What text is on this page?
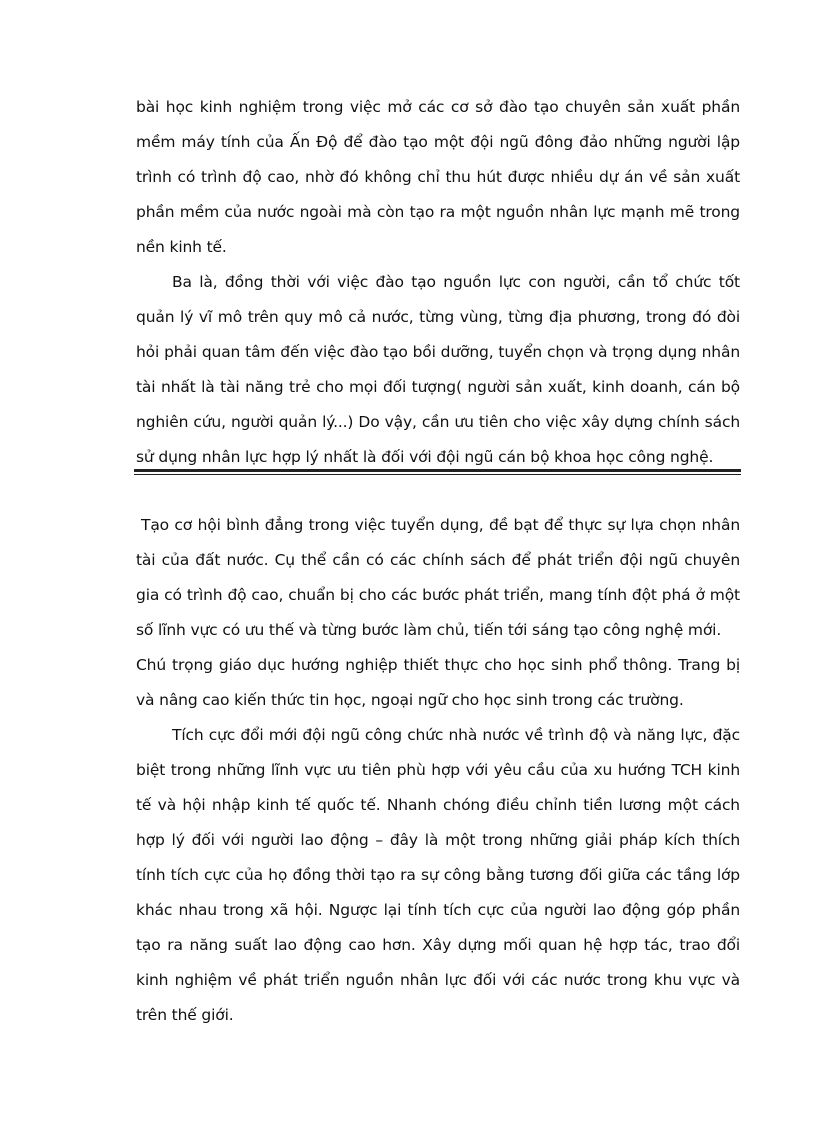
bài học kinh nghiệm trong việc mở các cơ sở đào tạo chuyên sản xuất phần mềm máy tính của Ấn Độ để đào tạo một đội ngũ đông đảo những người lập trình có trình độ cao, nhờ đó không chỉ thu hút được nhiều dự án về sản xuất phần mềm của nước ngoài mà còn tạo ra một nguồn nhân lực mạnh mẽ trong nền kinh tế.

Ba là, đồng thời với việc đào tạo nguồn lực con người, cần tổ chức tốt quản lý vĩ mô trên quy mô cả nước, từng vùng, từng địa phương, trong đó đòi hỏi phải quan tâm đến việc đào tạo bồi dưỡng, tuyển chọn và trọng dụng nhân tài nhất là tài năng trẻ cho mọi đối tượng( người sản xuất, kinh doanh, cán bộ nghiên cứu, người quản lý...) Do vậy, cần ưu tiên cho việc xây dựng chính sách sử dụng nhân lực hợp lý nhất là đối với đội ngũ cán bộ khoa học công nghệ.

Tạo cơ hội bình đẳng trong việc tuyển dụng, đề bạt để thực sự lựa chọn nhân tài của đất nước. Cụ thể cần có các chính sách để phát triển đội ngũ chuyên gia có trình độ cao, chuẩn bị cho các bước phát triển, mang tính đột phá ở một số lĩnh vực có ưu thế và từng bước làm chủ, tiến tới sáng tạo công nghệ mới.

Chú trọng giáo dục hướng nghiệp thiết thực cho học sinh phổ thông. Trang bị và nâng cao kiến thức tin học, ngoại ngữ cho học sinh trong các trường.

Tích cực đổi mới đội ngũ công chức nhà nước về trình độ và năng lực, đặc biệt trong những lĩnh vực ưu tiên phù hợp với yêu cầu của xu hướng TCH kinh tế và hội nhập kinh tế quốc tế. Nhanh chóng điều chỉnh tiền lương một cách hợp lý đối với người lao động – đây là một trong những giải pháp kích thích tính tích cực của họ đồng thời tạo ra sự công bằng tương đối giữa các tầng lớp khác nhau trong xã hội. Ngược lại tính tích cực của người lao động góp phần tạo ra năng suất lao động cao hơn. Xây dựng mối quan hệ hợp tác, trao đổi kinh nghiệm về phát triển nguồn nhân lực đối với các nước trong khu vực và trên thế giới.
